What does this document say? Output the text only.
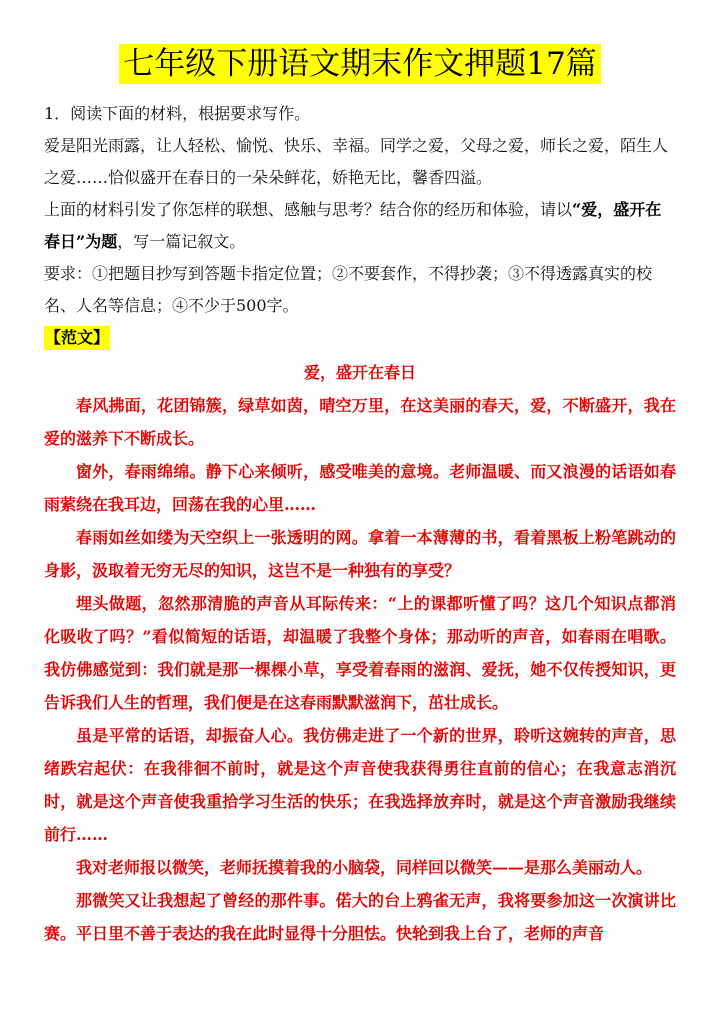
七年级下册语文期末作文押题17篇

1．阅读下面的材料，根据要求写作。

爱是阳光雨露，让人轻松、愉悦、快乐、幸福。同学之爱，父母之爱，师长之爱，陌生人之爱……恰似盛开在春日的一朵朵鲜花，娇艳无比，馨香四溢。

上面的材料引发了你怎样的联想、感触与思考？结合你的经历和体验，请以“爱，盛开在春日”为题，写一篇记叙文。

要求：①把题目抄写到答题卡指定位置；②不要套作，不得抄袭；③不得透露真实的校名、人名等信息；④不少于500字。

【范文】

爱，盛开在春日

春风拂面，花团锦簇，绿草如茵，晴空万里，在这美丽的春天，爱，不断盛开，我在爱的滋养下不断成长。

窗外，春雨绵绵。静下心来倾听，感受唯美的意境。老师温暖、而又浪漫的话语如春雨萦绕在我耳边，回荡在我的心里……

春雨如丝如缕为天空织上一张透明的网。拿着一本薄薄的书，看着黑板上粉笔跳动的身影，汲取着无穷无尽的知识，这岂不是一种独有的享受？

埋头做题，忽然那清脆的声音从耳际传来：“上的课都听懂了吗？这几个知识点都消化吸收了吗？”看似简短的话语，却温暖了我整个身体；那动听的声音，如春雨在唱歌。我仿佛感觉到：我们就是那一棵棵小草，享受着春雨的滋润、爱抚，她不仅传授知识，更告诉我们人生的哲理，我们便是在这春雨默默滋润下，茁壮成长。

虽是平常的话语，却振奋人心。我仿佛走进了一个新的世界，聆听这婉转的声音，思绪跌宕起伏：在我徘徊不前时，就是这个声音使我获得勇往直前的信心；在我意志消沉时，就是这个声音使我重拾学习生活的快乐；在我选择放弃时，就是这个声音激励我继续前行……

我对老师报以微笑，老师抚摸着我的小脑袋，同样回以微笑——是那么美丽动人。

那微笑又让我想起了曾经的那件事。偌大的台上鸦雀无声，我将要参加这一次演讲比赛。平日里不善于表达的我在此时显得十分胆怯。快轮到我上台了，老师的声音
